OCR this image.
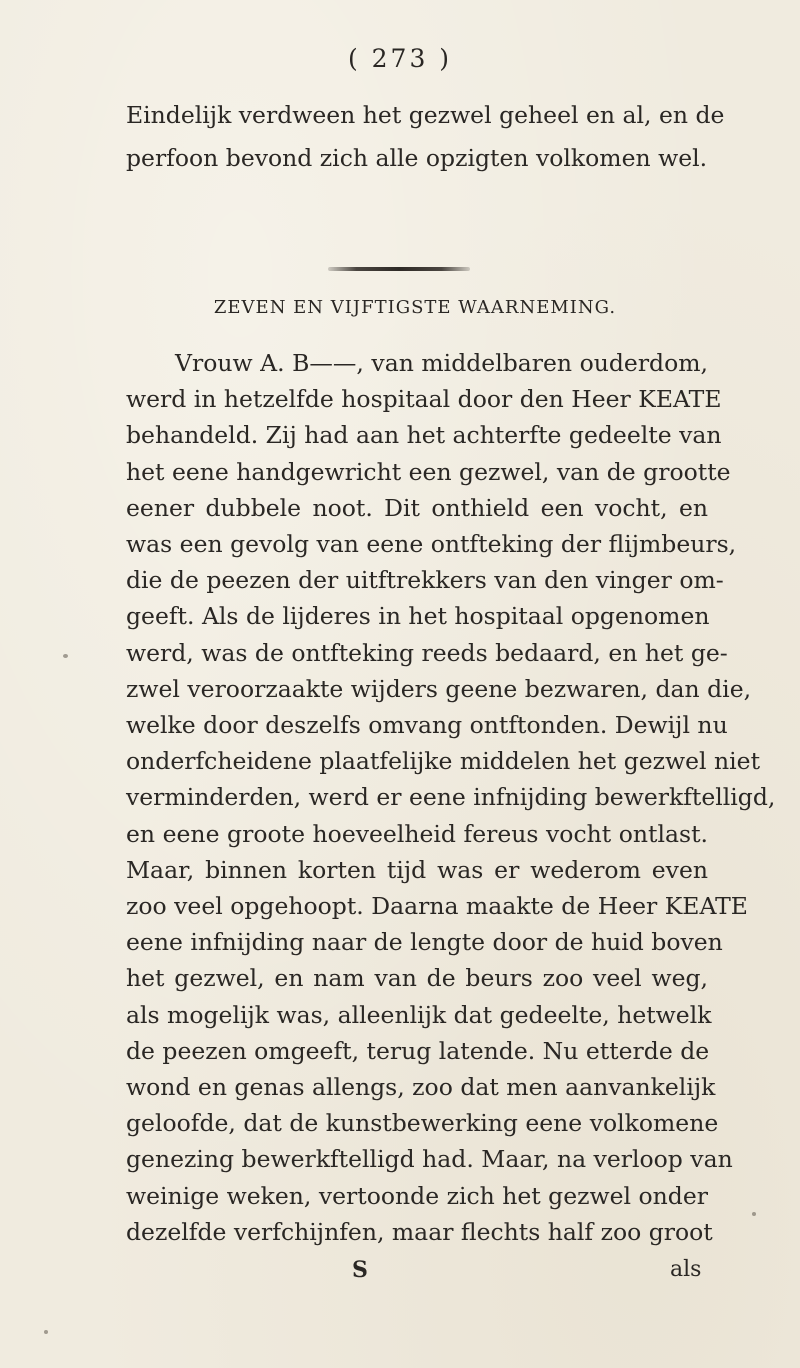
( 273 )
Eindelijk verdween het gezwel geheel en al, en de
perfoon bevond zich alle opzigten volkomen wel.
ZEVEN EN VIJFTIGSTE WAARNEMING.
Vrouw A. B——, van middelbaren ouderdom,
werd in hetzelfde hospitaal door den Heer KEATE
behandeld. Zij had aan het achterfte gedeelte van
het eene handgewricht een gezwel, van de grootte
eener dubbele noot. Dit onthield een vocht, en
was een gevolg van eene ontfteking der flijmbeurs,
die de peezen der uitftrekkers van den vinger om-
geeft. Als de lijderes in het hospitaal opgenomen
werd, was de ontfteking reeds bedaard, en het ge-
zwel veroorzaakte wijders geene bezwaren, dan die,
welke door deszelfs omvang ontftonden. Dewijl nu
onderfcheidene plaatfelijke middelen het gezwel niet
verminderden, werd er eene infnijding bewerkftelligd,
en eene groote hoeveelheid fereus vocht ontlast.
Maar, binnen korten tijd was er wederom even
zoo veel opgehoopt. Daarna maakte de Heer KEATE
eene infnijding naar de lengte door de huid boven
het gezwel, en nam van de beurs zoo veel weg,
als mogelijk was, alleenlijk dat gedeelte, hetwelk
de peezen omgeeft, terug latende. Nu etterde de
wond en genas allengs, zoo dat men aanvankelijk
geloofde, dat de kunstbewerking eene volkomene
genezing bewerkftelligd had. Maar, na verloop van
weinige weken, vertoonde zich het gezwel onder
dezelfde verfchijnfen, maar flechts half zoo groot
S	als
